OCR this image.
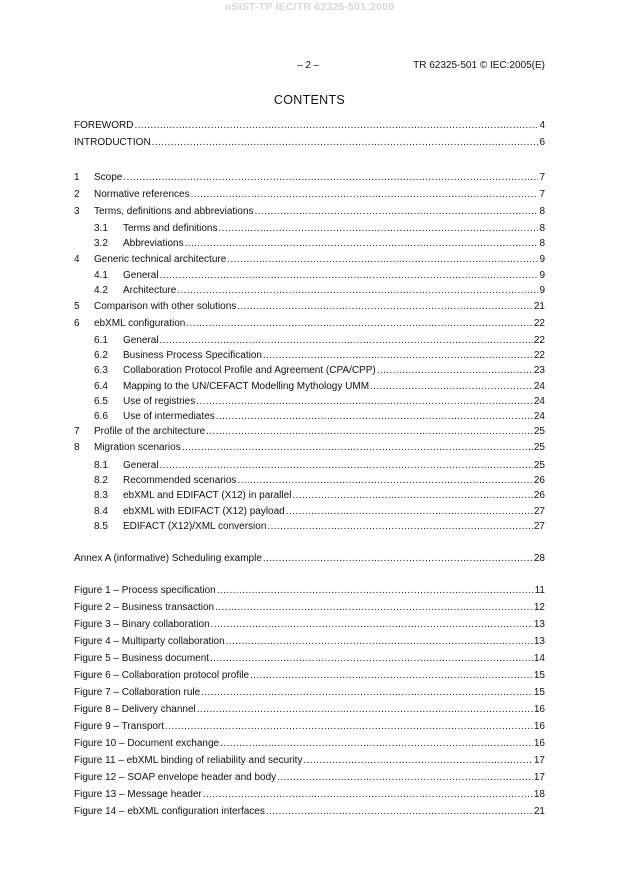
oSIST-TP IEC/TR 62325-501:2009
– 2 –	TR 62325-501 © IEC:2005(E)
CONTENTS
FOREWORD .....	4
INTRODUCTION .....	6
1	Scope .....	7
2	Normative references .....	7
3	Terms, definitions and abbreviations .....	8
3.1	Terms and definitions .....	8
3.2	Abbreviations .....	8
4	Generic technical architecture .....	9
4.1	General .....	9
4.2	Architecture .....	9
5	Comparison with other solutions .....	21
6	ebXML configuration .....	22
6.1	General .....	22
6.2	Business Process Specification .....	22
6.3	Collaboration Protocol Profile and Agreement (CPA/CPP) .....	23
6.4	Mapping to the UN/CEFACT Modelling Mythology UMM .....	24
6.5	Use of registries .....	24
6.6	Use of intermediates .....	24
7	Profile of the architecture .....	25
8	Migration scenarios .....	25
8.1	General .....	25
8.2	Recommended scenarios .....	26
8.3	ebXML and EDIFACT (X12) in parallel .....	26
8.4	ebXML with EDIFACT (X12) payload .....	27
8.5	EDIFACT (X12)/XML conversion .....	27
Annex A (informative) Scheduling example .....	28
Figure 1 – Process specification .....	11
Figure 2 – Business transaction .....	12
Figure 3 – Binary collaboration .....	13
Figure 4 – Multiparty collaboration .....	13
Figure 5 – Business document .....	14
Figure 6 – Collaboration protocol profile .....	15
Figure 7 – Collaboration rule .....	15
Figure 8 – Delivery channel .....	16
Figure 9 – Transport .....	16
Figure 10 – Document exchange .....	16
Figure 11 – ebXML binding of reliability and security .....	17
Figure 12 – SOAP envelope header and body .....	17
Figure 13 – Message header .....	18
Figure 14 – ebXML configuration interfaces .....	21
